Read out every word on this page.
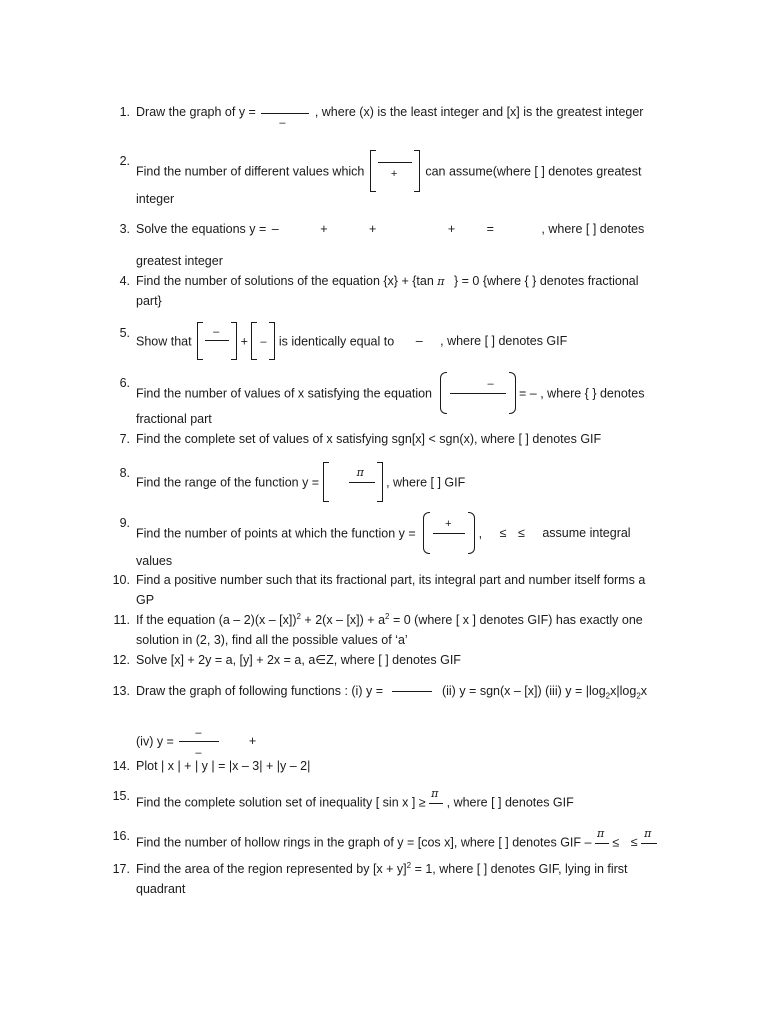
1. Draw the graph of y =
–
, where (x) is the least integer and [x] is the greatest integer
2.
Find the number of different values which + can assume(where [ ] denotes greatest
integer
3. Solve the equations y = –	+	+	+	=	, where [ ] denotes
greatest integer
4. Find the number of solutions of the equation {x} + {tan π } = 0 {where { } denotes fractional
part}
5.
Show that
–
+ – is identically equal to – , where [ ] denotes GIF
6.
Find the number of values of x satisfying the equation
–
= – , where { } denotes
fractional part
7. Find the complete set of values of x satisfying sgn[x] < sgn(x), where [ ] denotes GIF
8.
Find the range of the function y =
π
, where [ ] GIF
9.
Find the number of points at which the function y =
+
, ≤ ≤ assume integral
values
10. Find a positive number such that its fractional part, its integral part and number itself forms a
GP
11. If the equation $(a - 2)(x - [x])^2 + 2(x - [x]) + a^2 = 0$ (where [ x ] denotes GIF) has exactly one
solution in (2, 3), find all the possible values of ‘a’
12. Solve [x] + 2y = a, [y] + 2x = a, a∈Z, where [ ] denotes GIF
13. Draw the graph of following functions : (i) y =	(ii) y = sgn(x – [x]) (iii) $y = |\log_2x|\log_2x$
(iv) y =
–
–
+
14. Plot | x | + | y | = |x – 3| + |y – 2|
15. Find the complete solution set of inequality [ sin x ] ≥
π
, where [ ] denotes GIF
16. Find the number of hollow rings in the graph of y = [cos x], where [ ] denotes GIF –
π
≤ ≤
π
17. Find the area of the region represented by $[x + y]^2 = 1$, where [ ] denotes GIF, lying in first
quadrant
